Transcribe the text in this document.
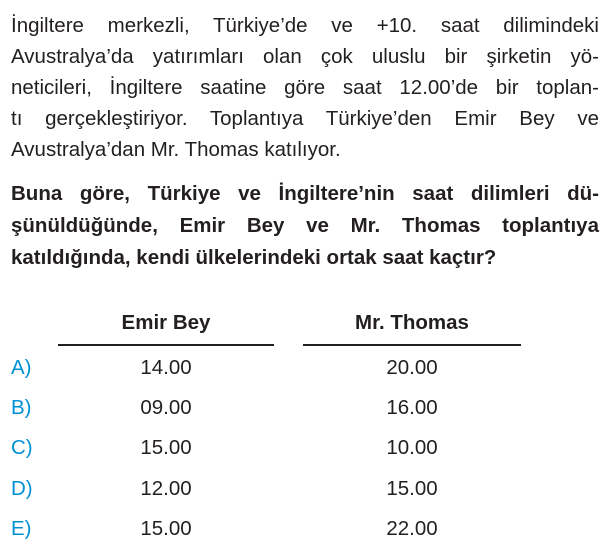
İngiltere merkezli, Türkiye’de ve +10. saat dilimindeki
Avustralya’da yatırımları olan çok uluslu bir şirketin yö-
neticileri, İngiltere saatine göre saat 12.00’de bir toplan-
tı gerçekleştiriyor. Toplantıya Türkiye’den Emir Bey ve
Avustralya’dan Mr. Thomas katılıyor.
Buna göre, Türkiye ve İngiltere’nin saat dilimleri dü-
şünüldüğünde, Emir Bey ve Mr. Thomas toplantıya
katıldığında, kendi ülkelerindeki ortak saat kaçtır?
Emir Bey	Mr. Thomas
A)	14.00	20.00
B)	09.00	16.00
C)	15.00	10.00
D)	12.00	15.00
E)	15.00	22.00
